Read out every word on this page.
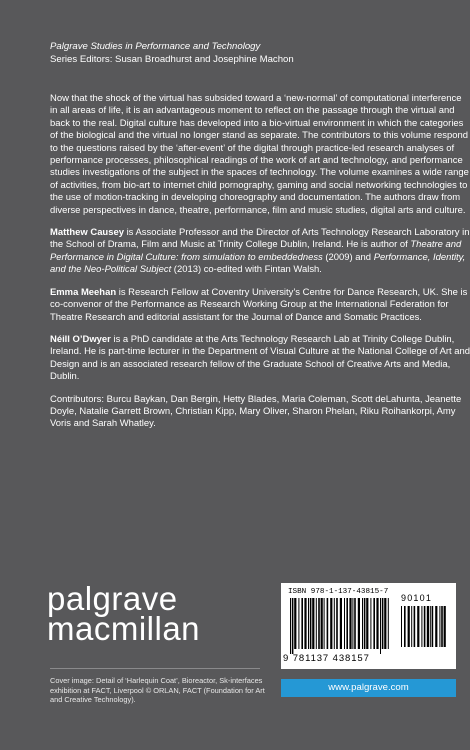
Palgrave Studies in Performance and Technology
Series Editors: Susan Broadhurst and Josephine Machon

Now that the shock of the virtual has subsided toward a ‘new-normal’ of computational interference in all areas of life, it is an advantageous moment to reflect on the passage through the virtual and back to the real. Digital culture has developed into a bio-virtual environment in which the categories of the biological and the virtual no longer stand as separate. The contributors to this volume respond to the questions raised by the ‘after-event’ of the digital through practice-led research analyses of performance processes, philosophical readings of the work of art and technology, and performance studies investigations of the subject in the spaces of technology. The volume examines a wide range of activities, from bio-art to internet child pornography, gaming and social networking technologies to the use of motion-tracking in developing choreography and documentation. The authors draw from diverse perspectives in dance, theatre, performance, film and music studies, digital arts and culture.

Matthew Causey is Associate Professor and the Director of Arts Technology Research Laboratory in the School of Drama, Film and Music at Trinity College Dublin, Ireland. He is author of Theatre and Performance in Digital Culture: from simulation to embeddedness (2009) and Performance, Identity, and the Neo-Political Subject (2013) co-edited with Fintan Walsh.

Emma Meehan is Research Fellow at Coventry University’s Centre for Dance Research, UK. She is co-convenor of the Performance as Research Working Group at the International Federation for Theatre Research and editorial assistant for the Journal of Dance and Somatic Practices.

Néill O’Dwyer is a PhD candidate at the Arts Technology Research Lab at Trinity College Dublin, Ireland. He is part-time lecturer in the Department of Visual Culture at the National College of Art and Design and is an associated research fellow of the Graduate School of Creative Arts and Media, Dublin.

Contributors: Burcu Baykan, Dan Bergin, Hetty Blades, Maria Coleman, Scott deLahunta, Jeanette Doyle, Natalie Garrett Brown, Christian Kipp, Mary Oliver, Sharon Phelan, Riku Roihankorpi, Amy Voris and Sarah Whatley.

palgrave
macmillan
Cover image: Detail of ‘Harlequin Coat’, Bioreactor, Sk-interfaces exhibition at FACT, Liverpool © ORLAN, FACT (Foundation for Art and Creative Technology).
ISBN 978-1-137-43815-7
90101
9 781137 438157
www.palgrave.com
